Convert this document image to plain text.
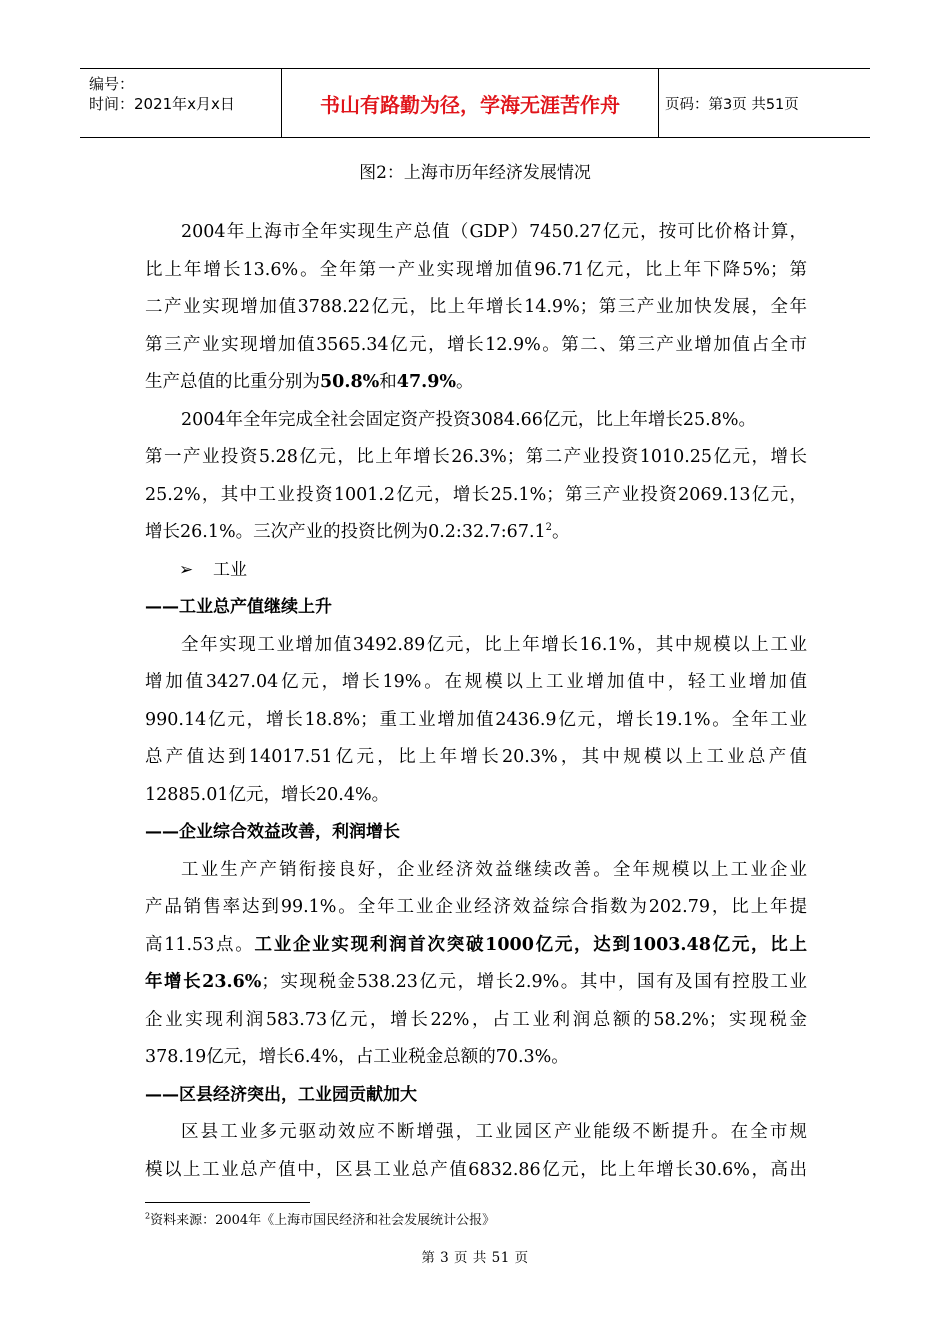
编号：
时间：2021年x月x日	书山有路勤为径，学海无涯苦作舟	页码：第3页 共51页
图2：上海市历年经济发展情况
2004年上海市全年实现生产总值（GDP）7450.27亿元，按可比价格计算，
比上年增长13.6%。全年第一产业实现增加值96.71亿元，比上年下降5%；第
二产业实现增加值3788.22亿元，比上年增长14.9%；第三产业加快发展，全年
第三产业实现增加值3565.34亿元，增长12.9%。第二、第三产业增加值占全市
生产总值的比重分别为50.8%和47.9%。
2004年全年完成全社会固定资产投资3084.66亿元，比上年增长25.8%。
第一产业投资5.28亿元，比上年增长26.3%；第二产业投资1010.25亿元，增长
25.2%，其中工业投资1001.2亿元，增长25.1%；第三产业投资2069.13亿元，
增长26.1%。三次产业的投资比例为0.2:32.7:67.1$^2$。
➢ 工业
——工业总产值继续上升
全年实现工业增加值3492.89亿元，比上年增长16.1%，其中规模以上工业
增加值3427.04亿元，增长19%。在规模以上工业增加值中，轻工业增加值
990.14亿元，增长18.8%；重工业增加值2436.9亿元，增长19.1%。全年工业
总产值达到14017.51亿元，比上年增长20.3%，其中规模以上工业总产值
12885.01亿元，增长20.4%。
——企业综合效益改善，利润增长
工业生产产销衔接良好，企业经济效益继续改善。全年规模以上工业企业
产品销售率达到99.1%。全年工业企业经济效益综合指数为202.79，比上年提
高11.53点。工业企业实现利润首次突破1000亿元，达到1003.48亿元，比上
年增长23.6%；实现税金538.23亿元，增长2.9%。其中，国有及国有控股工业
企业实现利润583.73亿元，增长22%，占工业利润总额的58.2%；实现税金
378.19亿元，增长6.4%，占工业税金总额的70.3%。
——区县经济突出，工业园贡献加大
区县工业多元驱动效应不断增强，工业园区产业能级不断提升。在全市规
模以上工业总产值中，区县工业总产值6832.86亿元，比上年增长30.6%，高出
$^2$资料来源：2004年《上海市国民经济和社会发展统计公报》
第 3 页 共 51 页
